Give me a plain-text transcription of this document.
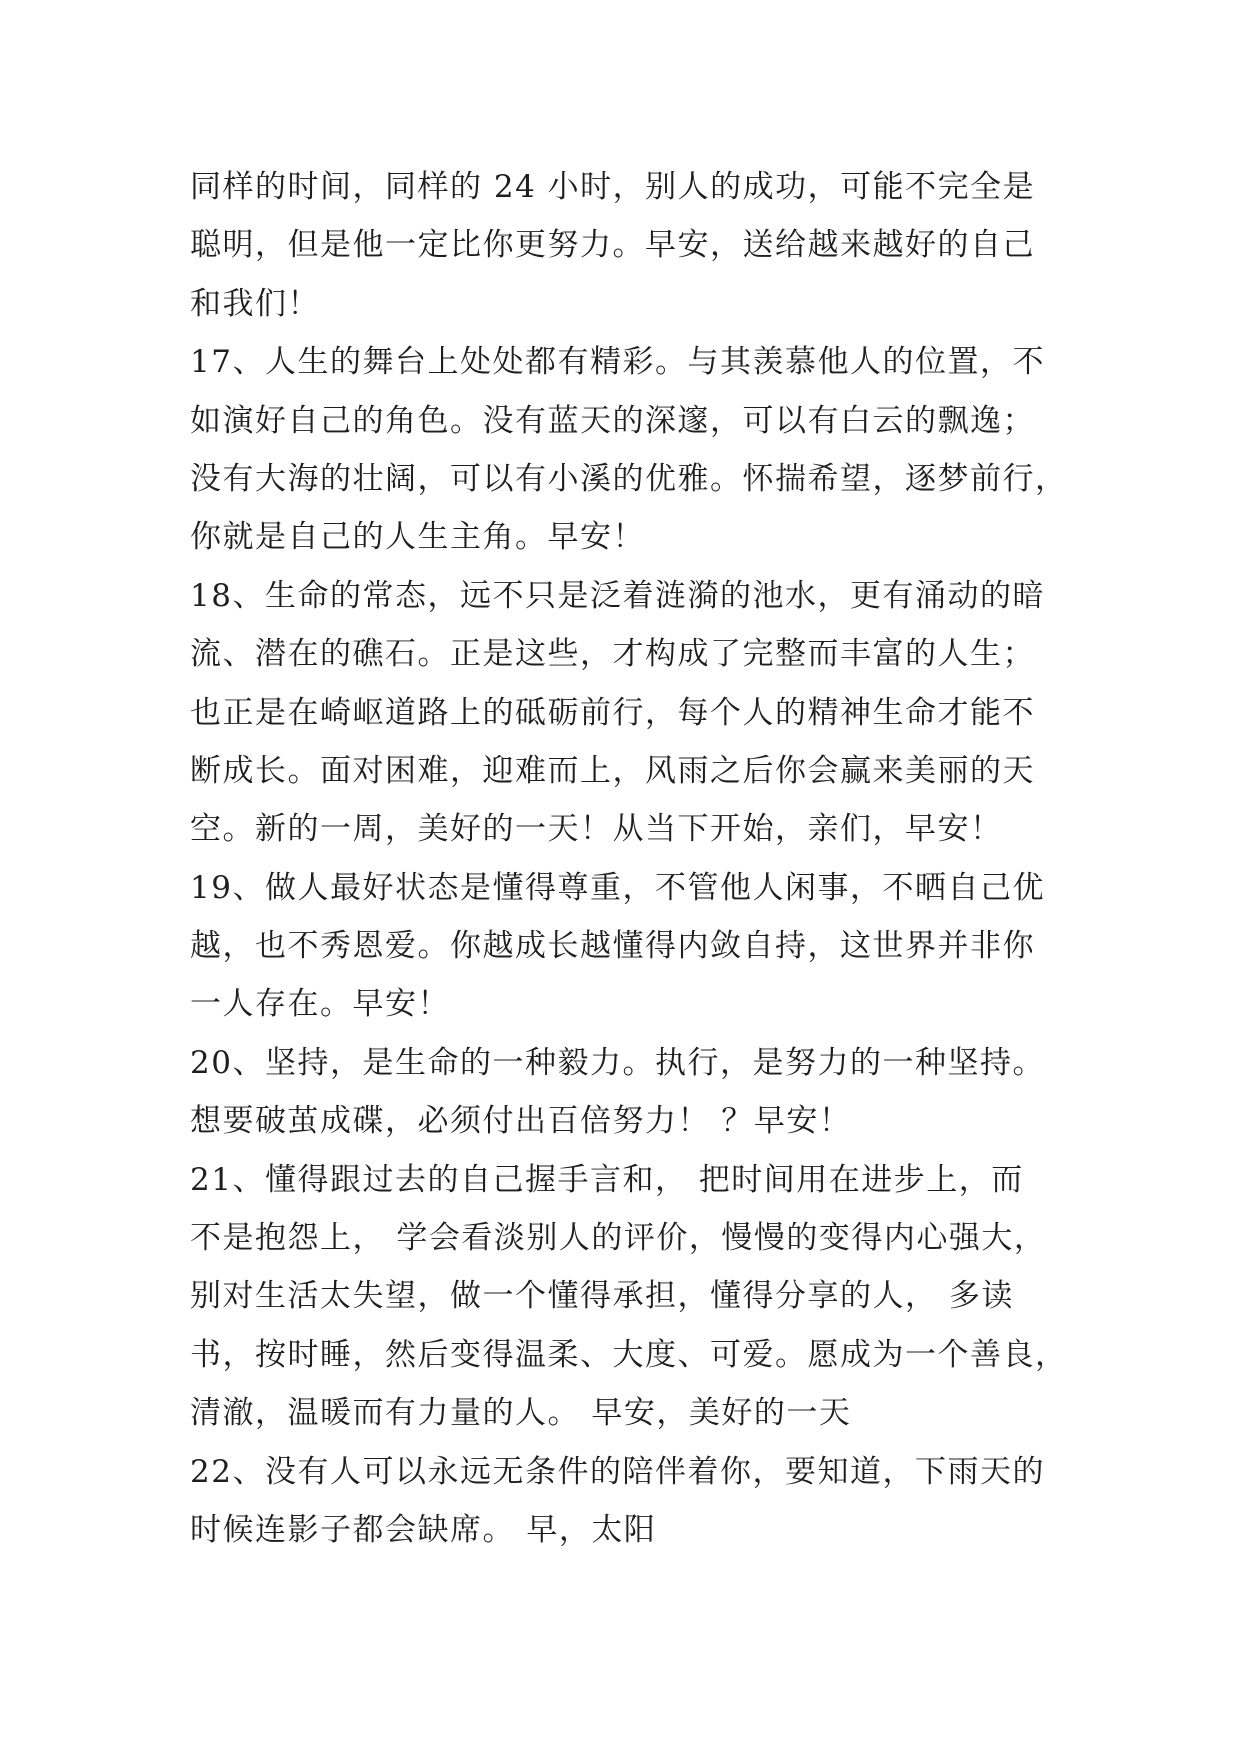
同样的时间，同样的 24 小时，别人的成功，可能不完全是
聪明，但是他一定比你更努力。早安，送给越来越好的自己
和我们！
17、人生的舞台上处处都有精彩。与其羡慕他人的位置，不
如演好自己的角色。没有蓝天的深邃，可以有白云的飘逸；
没有大海的壮阔，可以有小溪的优雅。怀揣希望，逐梦前行，
你就是自己的人生主角。早安！
18、生命的常态，远不只是泛着涟漪的池水，更有涌动的暗
流、潜在的礁石。正是这些，才构成了完整而丰富的人生；
也正是在崎岖道路上的砥砺前行，每个人的精神生命才能不
断成长。面对困难，迎难而上，风雨之后你会赢来美丽的天
空。新的一周，美好的一天！从当下开始，亲们，早安！
19、做人最好状态是懂得尊重，不管他人闲事，不晒自己优
越，也不秀恩爱。你越成长越懂得内敛自持，这世界并非你
一人存在。早安！
20、坚持，是生命的一种毅力。执行，是努力的一种坚持。
想要破茧成碟，必须付出百倍努力！ ？早安！
21、懂得跟过去的自己握手言和， 把时间用在进步上，而
不是抱怨上， 学会看淡别人的评价，慢慢的变得内心强大，
别对生活太失望，做一个懂得承担，懂得分享的人， 多读
书，按时睡，然后变得温柔、大度、可爱。愿成为一个善良，
清澈，温暖而有力量的人。 早安，美好的一天
22、没有人可以永远无条件的陪伴着你，要知道，下雨天的
时候连影子都会缺席。 早，太阳
